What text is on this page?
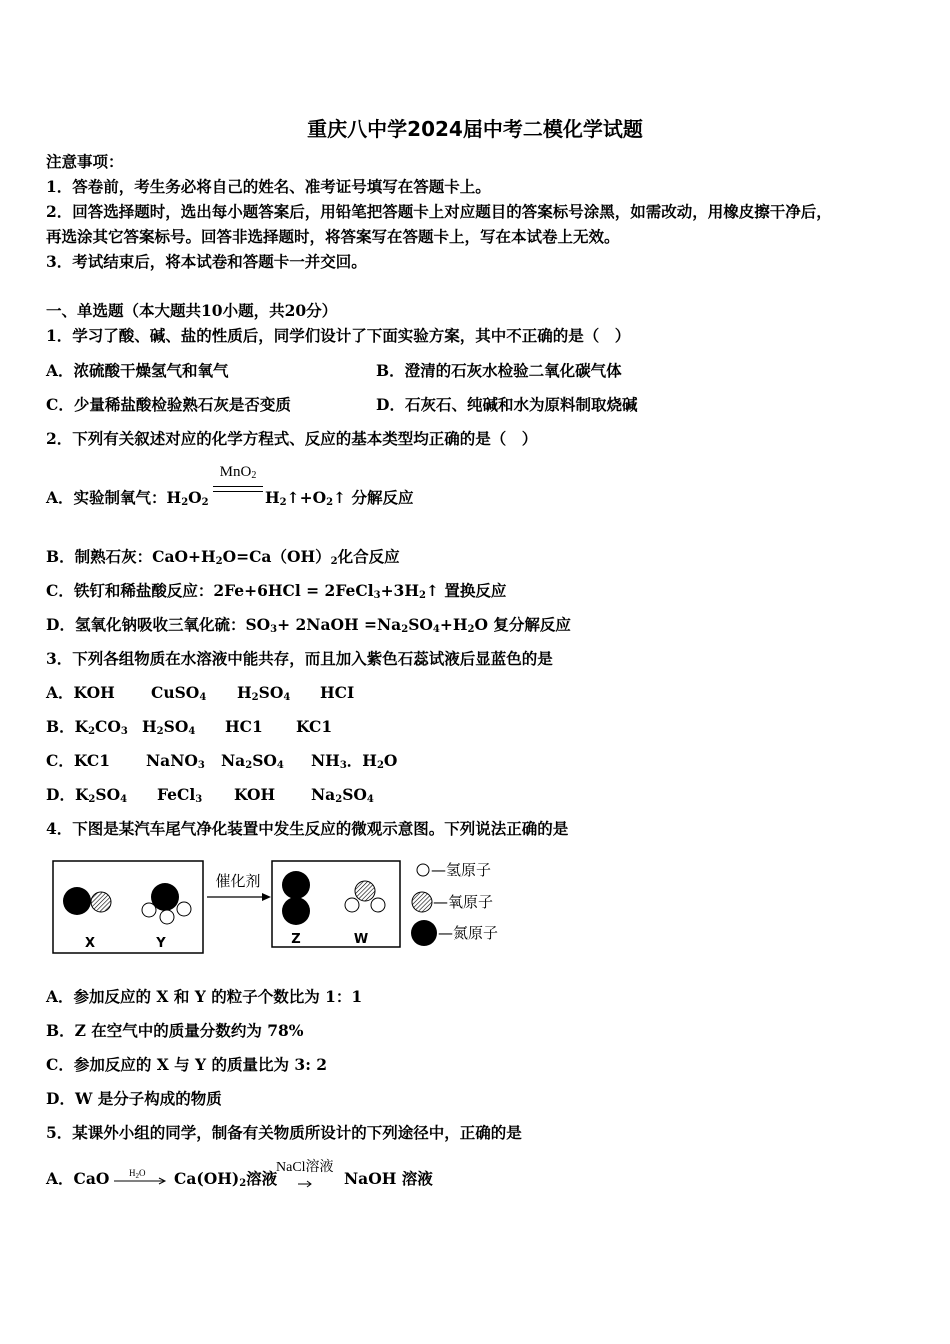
重庆八中学2024届中考二模化学试题
注意事项：
1．答卷前，考生务必将自己的姓名、准考证号填写在答题卡上。
2．回答选择题时，选出每小题答案后，用铅笔把答题卡上对应题目的答案标号涂黑，如需改动，用橡皮擦干净后，
再选涂其它答案标号。回答非选择题时，将答案写在答题卡上，写在本试卷上无效。
3．考试结束后，将本试卷和答题卡一并交回。
一、单选题（本大题共10小题，共20分）
1．学习了酸、碱、盐的性质后，同学们设计了下面实验方案，其中不正确的是（　）
A．浓硫酸干燥氢气和氧气	B．澄清的石灰水检验二氧化碳气体
C．少量稀盐酸检验熟石灰是否变质	D．石灰石、纯碱和水为原料制取烧碱
2．下列有关叙述对应的化学方程式、反应的基本类型均正确的是（　）
A．实验制氧气：$H_2O_2$
MnO$_2$
$H_2↑+O_2↑$ 分解反应
B．制熟石灰：$CaO+H_2O=Ca(OH)_2$化合反应
C．铁钉和稀盐酸反应：$2Fe+6HCl = 2FeCl_3+3H_2↑$ 置换反应
D．氢氧化钠吸收三氧化硫：$SO_3+$ 2NaOH $=Na_2SO_4+H_2O$ 复分解反应
3．下列各组物质在水溶液中能共存，而且加入紫色石蕊试液后显蓝色的是
A．KOH CuSO$_4$ $H_2SO_4$ HCI
B．$K_2CO_3$ $H_2SO_4$ HC1 KC1
C．KC1 NaNO$_3$ $Na_2SO_4$ $NH_3$．$H_2O$
D．$K_2SO_4$ FeCl$_3$ KOH $Na_2SO_4$
4．下图是某汽车尾气净化装置中发生反应的微观示意图。下列说法正确的是
X	Y
催化剂
Z	W
—氢原子
—氧原子
—氮原子
A．参加反应的 X 和 Y 的粒子个数比为 1：1
B．Z 在空气中的质量分数约为 78%
C．参加反应的 X 与 Y 的质量比为 3: 2
D．W 是分子构成的物质
5．某课外小组的同学，制备有关物质所设计的下列途径中，正确的是
A．CaO $H_2O$ $Ca(OH)_2$溶液
NaCl溶液
NaOH 溶液
